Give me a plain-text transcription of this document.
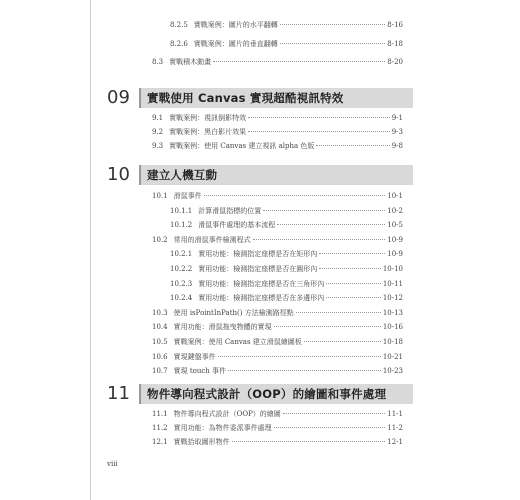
8.2.5 實戰案例：圖片的水平翻轉	8-16
8.2.6 實戰案例：圖片的垂直翻轉	8-18
8.3 實戰積木動畫	8-20
09	實戰使用 Canvas 實現超酷視訊特效
9.1 實戰案例：視訊倒影特效	9-1
9.2 實戰案例：黑白影片效果	9-3
9.3 實戰案例：使用 Canvas 建立視訊 alpha 色版	9-8
10	建立人機互動
10.1 滑鼠事件	10-1
10.1.1 計算滑鼠指標的位置	10-2
10.1.2 滑鼠事件處理的基本流程	10-5
10.2 常用的滑鼠事件檢測程式	10-9
10.2.1 實用功能：檢測指定座標是否在矩形內	10-9
10.2.2 實用功能：檢測指定座標是否在圓形內	10-10
10.2.3 實用功能：檢測指定座標是否在三角形內	10-11
10.2.4 實用功能：檢測指定座標是否在多邊形內	10-12
10.3 使用 isPointInPath() 方法檢測路徑點	10-13
10.4 實用功能：滑鼠拖曳物體的實現	10-16
10.5 實戰案例：使用 Canvas 建立滑鼠繪圖板	10-18
10.6 實現鍵盤事件	10-21
10.7 實現 touch 事件	10-23
11	物件導向程式設計（OOP）的繪圖和事件處理
11.1 物件導向程式設計（OOP）的繪圖	11-1
11.2 實用功能：為物件委派事件處理	11-2
12.1 實戰拾取圖形物件	12-1
viii
